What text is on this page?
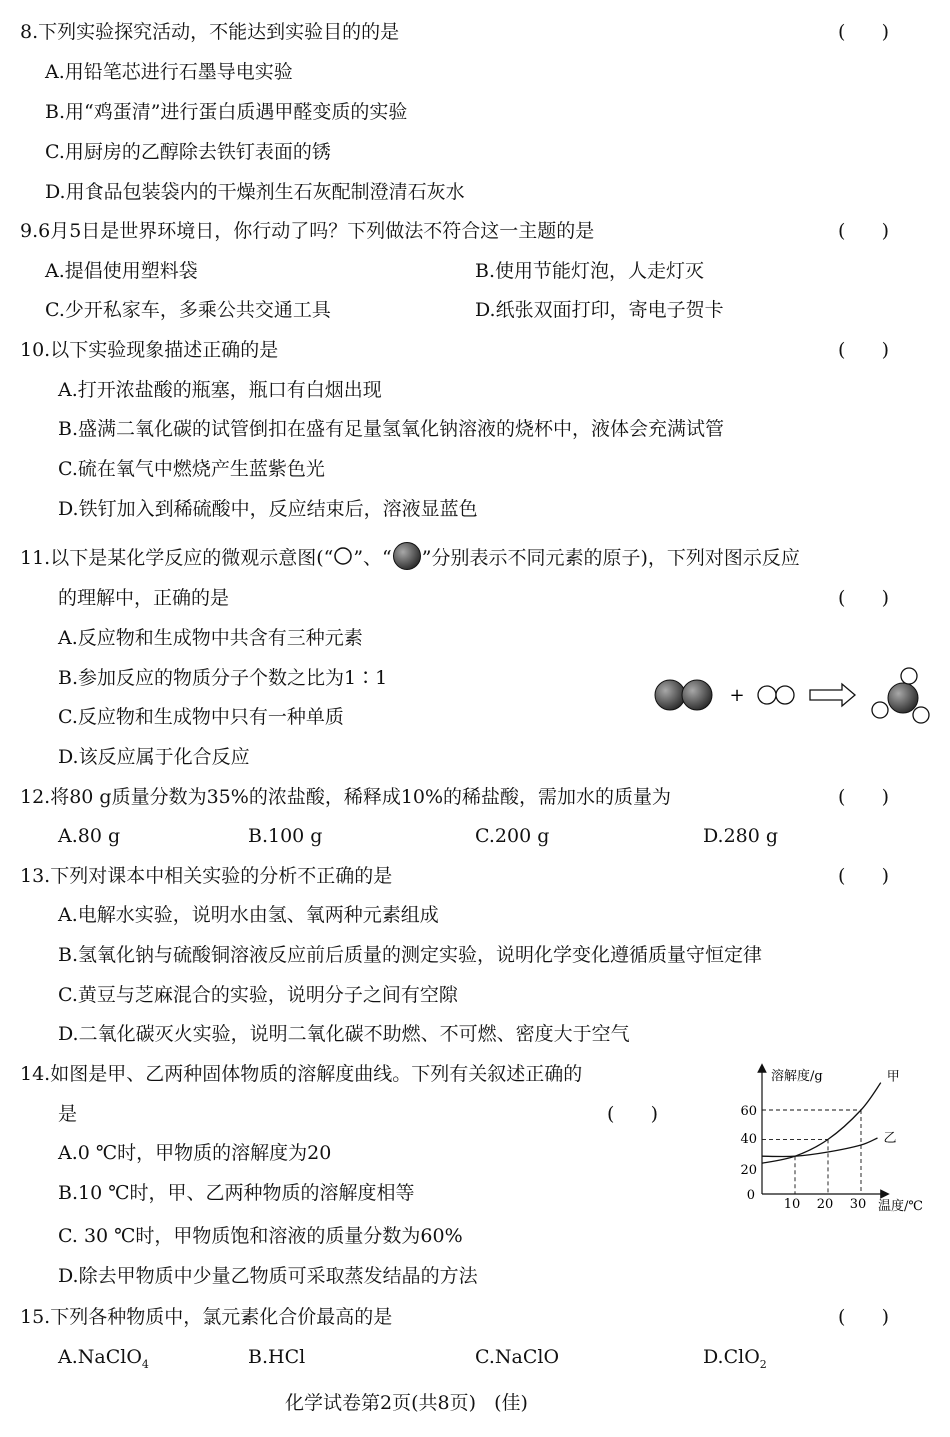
8.下列实验探究活动，不能达到实验目的的是	(      )
A.用铅笔芯进行石墨导电实验
B.用“鸡蛋清”进行蛋白质遇甲醛变质的实验
C.用厨房的乙醇除去铁钉表面的锈
D.用食品包装袋内的干燥剂生石灰配制澄清石灰水
9.6月5日是世界环境日，你行动了吗？下列做法不符合这一主题的是	(      )
A.提倡使用塑料袋	B.使用节能灯泡，人走灯灭
C.少开私家车，多乘公共交通工具	D.纸张双面打印，寄电子贺卡
10.以下实验现象描述正确的是	(      )
A.打开浓盐酸的瓶塞，瓶口有白烟出现
B.盛满二氧化碳的试管倒扣在盛有足量氢氧化钠溶液的烧杯中，液体会充满试管
C.硫在氧气中燃烧产生蓝紫色光
D.铁钉加入到稀硫酸中，反应结束后，溶液显蓝色
11.以下是某化学反应的微观示意图(“ ”、“ ”分别表示不同元素的原子)，下列对图示反应
的理解中，正确的是	(      )
A.反应物和生成物中共含有三种元素
B.参加反应的物质分子个数之比为1∶1
C.反应物和生成物中只有一种单质
D.该反应属于化合反应
+
12.将80 g质量分数为35%的浓盐酸，稀释成10%的稀盐酸，需加水的质量为	(      )
A.80 g	B.100 g	C.200 g	D.280 g
13.下列对课本中相关实验的分析不正确的是	(      )
A.电解水实验，说明水由氢、氧两种元素组成
B.氢氧化钠与硫酸铜溶液反应前后质量的测定实验，说明化学变化遵循质量守恒定律
C.黄豆与芝麻混合的实验，说明分子之间有空隙
D.二氧化碳灭火实验，说明二氧化碳不助燃、不可燃、密度大于空气
14.如图是甲、乙两种固体物质的溶解度曲线。下列有关叙述正确的
是	(      )
A.0 ℃时，甲物质的溶解度为20
B.10 ℃时，甲、乙两种物质的溶解度相等
C. 30 ℃时，甲物质饱和溶液的质量分数为60%
D.除去甲物质中少量乙物质可采取蒸发结晶的方法
溶解度/g
温度/℃
10 20 30
0
20
40
60
甲
乙
15.下列各种物质中，氯元素化合价最高的是	(      )
A.NaClO$_4$	B.HCl	C.NaClO	D.ClO$_2$
化学试卷第2页(共8页)   (佳)
